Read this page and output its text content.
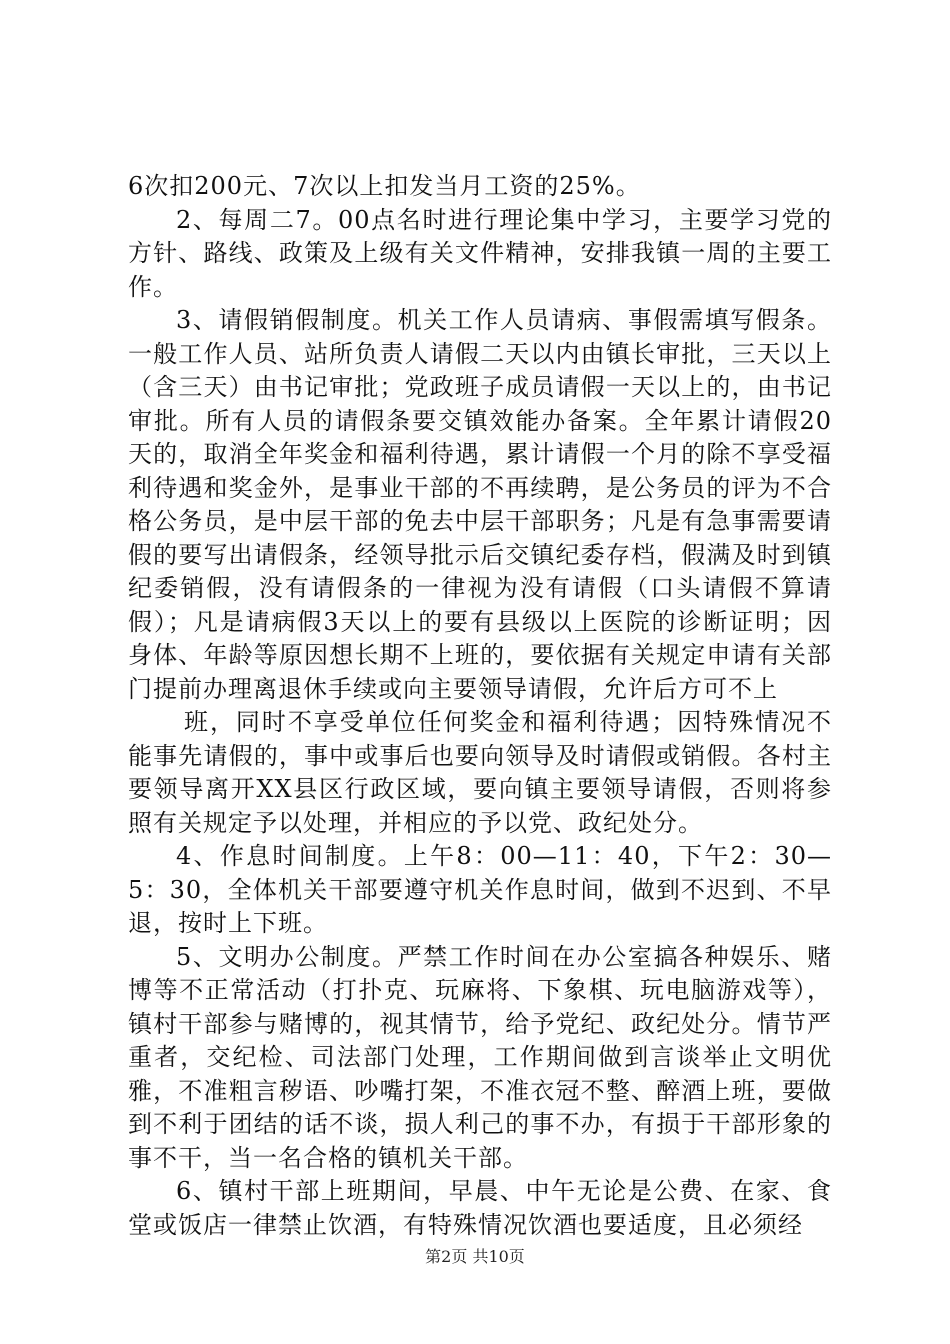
6次扣200元、7次以上扣发当月工资的25%。

2、每周二7。00点名时进行理论集中学习，主要学习党的方针、路线、政策及上级有关文件精神，安排我镇一周的主要工作。

3、请假销假制度。机关工作人员请病、事假需填写假条。一般工作人员、站所负责人请假二天以内由镇长审批，三天以上（含三天）由书记审批；党政班子成员请假一天以上的，由书记审批。所有人员的请假条要交镇效能办备案。全年累计请假20天的，取消全年奖金和福利待遇，累计请假一个月的除不享受福利待遇和奖金外，是事业干部的不再续聘，是公务员的评为不合格公务员，是中层干部的免去中层干部职务；凡是有急事需要请假的要写出请假条，经领导批示后交镇纪委存档，假满及时到镇纪委销假，没有请假条的一律视为没有请假（口头请假不算请假）；凡是请病假3天以上的要有县级以上医院的诊断证明；因身体、年龄等原因想长期不上班的，要依据有关规定申请有关部门提前办理离退休手续或向主要领导请假，允许后方可不上

班，同时不享受单位任何奖金和福利待遇；因特殊情况不能事先请假的，事中或事后也要向领导及时请假或销假。各村主要领导离开XX县区行政区域，要向镇主要领导请假，否则将参照有关规定予以处理，并相应的予以党、政纪处分。

4、作息时间制度。上午8：00—11：40，下午2：30—5：30，全体机关干部要遵守机关作息时间，做到不迟到、不早退，按时上下班。

5、文明办公制度。严禁工作时间在办公室搞各种娱乐、赌博等不正常活动（打扑克、玩麻将、下象棋、玩电脑游戏等），镇村干部参与赌博的，视其情节，给予党纪、政纪处分。情节严重者，交纪检、司法部门处理，工作期间做到言谈举止文明优雅，不准粗言秽语、吵嘴打架，不准衣冠不整、醉酒上班，要做到不利于团结的话不谈，损人利己的事不办，有损于干部形象的事不干，当一名合格的镇机关干部。

6、镇村干部上班期间，早晨、中午无论是公费、在家、食堂或饭店一律禁止饮酒，有特殊情况饮酒也要适度，且必须经

第2页 共10页
